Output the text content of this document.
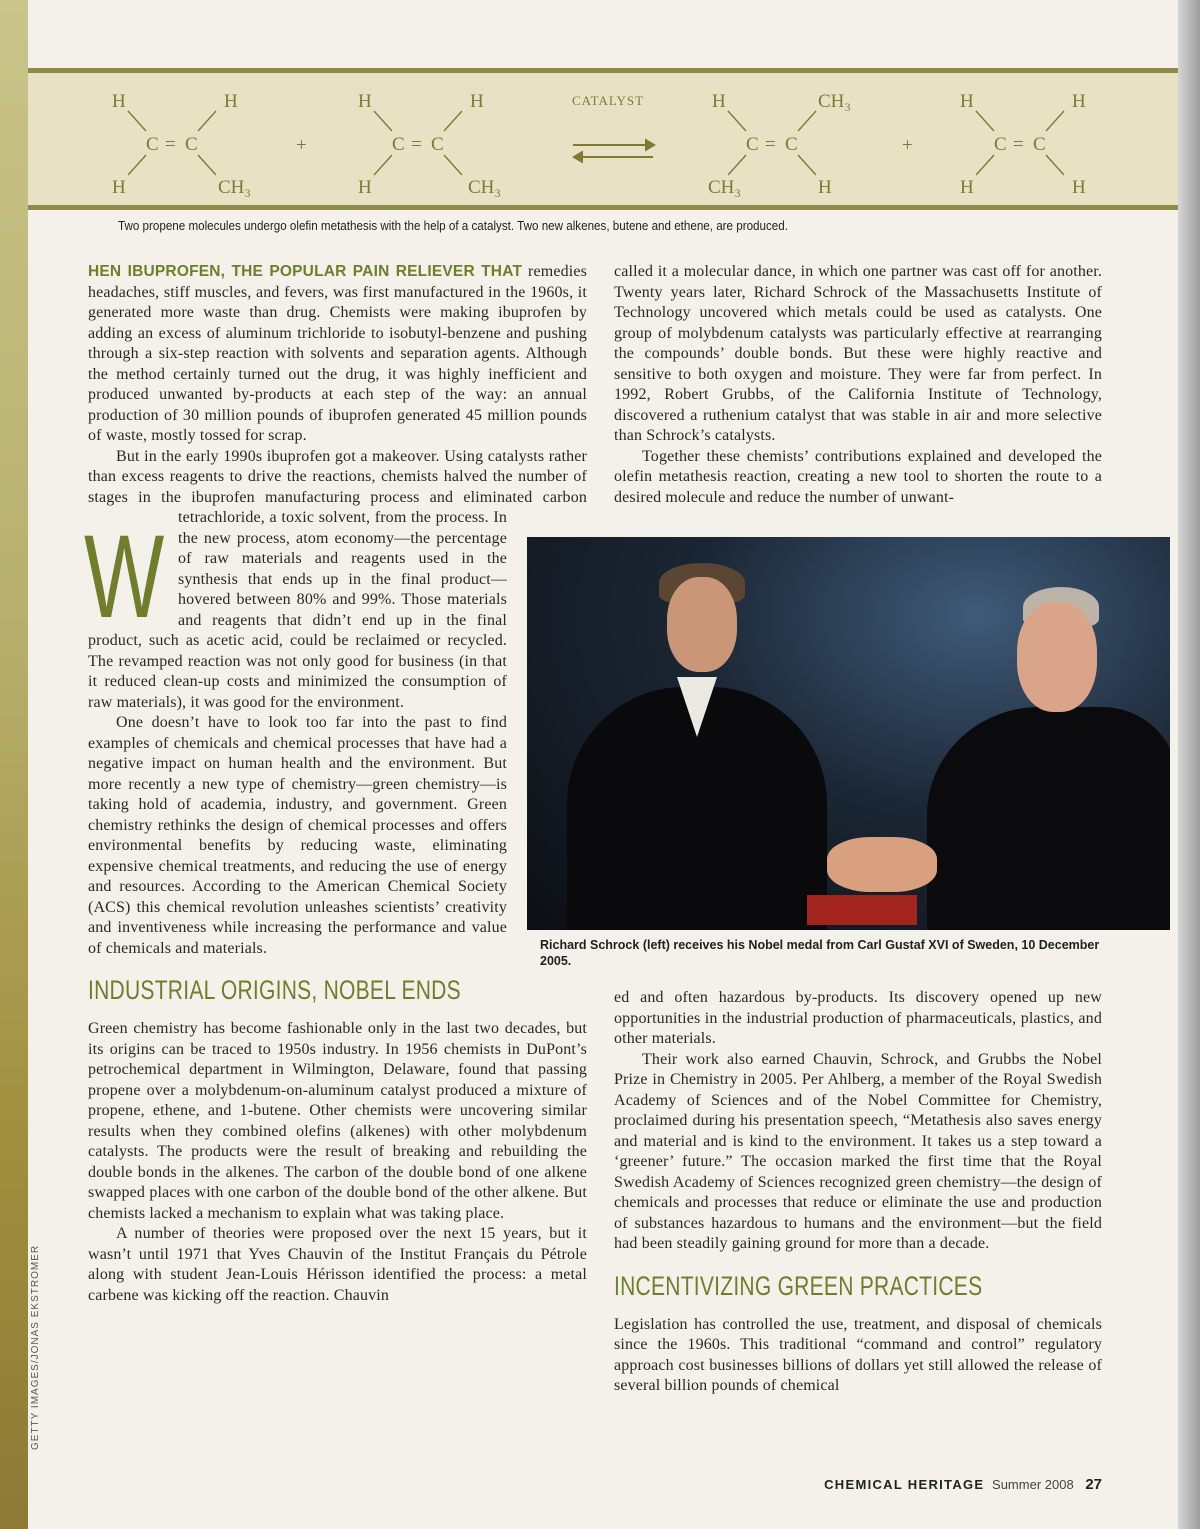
H	H
C = C
H	CH₃
+
H	H
C = C
H	CH₃
CATALYST	H	CH₃
C = C
CH₃	H
+
H	H
C = C
H	H
Two propene molecules undergo olefin metathesis with the help of a catalyst. Two new alkenes, butene and ethene, are produced.

W
HEN IBUPROFEN, THE POPULAR PAIN RELIEVER THAT remedies headaches, stiff muscles, and fevers, was first manufactured in the 1960s, it generated more waste than drug. Chemists were making ibuprofen by adding an excess of aluminum trichloride to isobutyl-benzene and pushing through a six-step reaction with solvents and separation agents. Although the method certainly turned out the drug, it was highly inefficient and produced unwanted by-products at each step of the way: an annual production of 30 million pounds of ibuprofen generated 45 million pounds of waste, mostly tossed for scrap.

But in the early 1990s ibuprofen got a makeover. Using catalysts rather than excess reagents to drive the reactions, chemists halved the number of stages in the ibuprofen manufacturing process and eliminated carbon tetrachloride, a toxic solvent, from the process. In the new process, atom economy—the percentage of raw materials and reagents used in the synthesis that ends up in the final product—hovered between 80% and 99%. Those materials and reagents that didn’t end up in the final product, such as acetic acid, could be reclaimed or recycled. The revamped reaction was not only good for business (in that it reduced clean-up costs and minimized the consumption of raw materials), it was good for the environment.

One doesn’t have to look too far into the past to find examples of chemicals and chemical processes that have had a negative impact on human health and the environment. But more recently a new type of chemistry—green chemistry—is taking hold of academia, industry, and government. Green chemistry rethinks the design of chemical processes and offers environmental benefits by reducing waste, eliminating expensive chemical treatments, and reducing the use of energy and resources. According to the American Chemical Society (ACS) this chemical revolution unleashes scientists’ creativity and inventiveness while increasing the performance and value of chemicals and materials.

INDUSTRIAL ORIGINS, NOBEL ENDS

Green chemistry has become fashionable only in the last two decades, but its origins can be traced to 1950s industry. In 1956 chemists in DuPont’s petrochemical department in Wilmington, Delaware, found that passing propene over a molybdenum-on-aluminum catalyst produced a mixture of propene, ethene, and 1-butene. Other chemists were uncovering similar results when they combined olefins (alkenes) with other molybdenum catalysts. The products were the result of breaking and rebuilding the double bonds in the alkenes. The carbon of the double bond of one alkene swapped places with one carbon of the double bond of the other alkene. But chemists lacked a mechanism to explain what was taking place.

A number of theories were proposed over the next 15 years, but it wasn’t until 1971 that Yves Chauvin of the Institut Français du Pétrole along with student Jean-Louis Hérisson identified the process: a metal carbene was kicking off the reaction. Chauvin

called it a molecular dance, in which one partner was cast off for another. Twenty years later, Richard Schrock of the Massachusetts Institute of Technology uncovered which metals could be used as catalysts. One group of molybdenum catalysts was particularly effective at rearranging the compounds’ double bonds. But these were highly reactive and sensitive to both oxygen and moisture. They were far from perfect. In 1992, Robert Grubbs, of the California Institute of Technology, discovered a ruthenium catalyst that was stable in air and more selective than Schrock’s catalysts.

Together these chemists’ contributions explained and developed the olefin metathesis reaction, creating a new tool to shorten the route to a desired molecule and reduce the number of unwant-

Richard Schrock (left) receives his Nobel medal from Carl Gustaf XVI of Sweden, 10 December 2005.

ed and often hazardous by-products. Its discovery opened up new opportunities in the industrial production of pharmaceuticals, plastics, and other materials.

Their work also earned Chauvin, Schrock, and Grubbs the Nobel Prize in Chemistry in 2005. Per Ahlberg, a member of the Royal Swedish Academy of Sciences and of the Nobel Committee for Chemistry, proclaimed during his presentation speech, “Metathesis also saves energy and material and is kind to the environment. It takes us a step toward a ‘greener’ future.” The occasion marked the first time that the Royal Swedish Academy of Sciences recognized green chemistry—the design of chemicals and processes that reduce or eliminate the use and production of substances hazardous to humans and the environment—but the field had been steadily gaining ground for more than a decade.

INCENTIVIZING GREEN PRACTICES

Legislation has controlled the use, treatment, and disposal of chemicals since the 1960s. This traditional “command and control” regulatory approach cost businesses billions of dollars yet still allowed the release of several billion pounds of chemical

GETTY IMAGES/JONAS EKSTROMER
CHEMICAL HERITAGE Summer 2008 27
